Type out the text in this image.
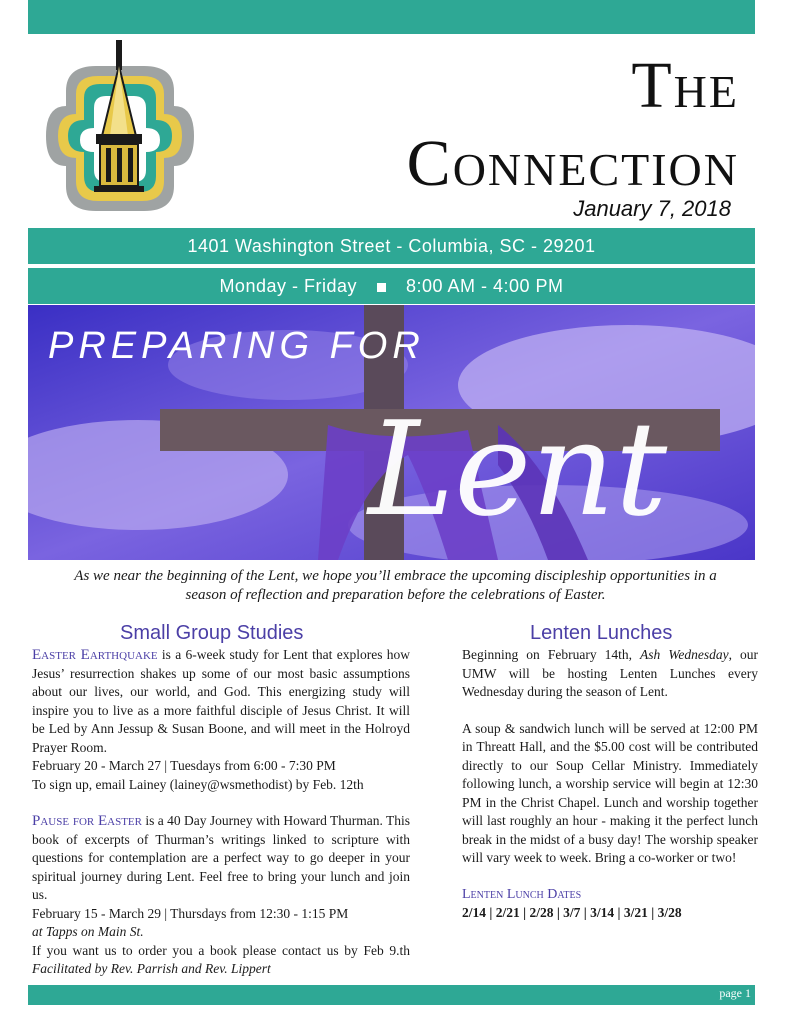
The
Connection
January 7, 2018
1401 Washington Street - Columbia, SC - 29201
Monday - Friday	8:00 AM - 4:00 PM
PREPARING FOR
Lent
As we near the beginning of the Lent, we hope you’ll embrace the upcoming discipleship opportunities in a season of reflection and preparation before the celebrations of Easter.
Small Group Studies	Lenten Lunches
Easter Earthquake is a 6-week study for Lent that explores how Jesus’ resurrection shakes up some of our most basic assumptions about our lives, our world, and God. This energizing study will inspire you to live as a more faithful disciple of Jesus Christ. It will be Led by Ann Jessup & Susan Boone, and will meet in the Holroyd Prayer Room.
February 20 - March 27 | Tuesdays from 6:00 - 7:30 PM
To sign up, email Lainey (lainey@wsmethodist) by Feb. 12th
Pause for Easter is a 40 Day Journey with Howard Thurman. This book of excerpts of Thurman’s writings linked to scripture with questions for contemplation are a perfect way to go deeper in your spiritual journey during Lent. Feel free to bring your lunch and join us.
February 15 - March 29 | Thursdays from 12:30 - 1:15 PM
at Tapps on Main St.
If you want us to order you a book please contact us by Feb 9.th Facilitated by Rev. Parrish and Rev. Lippert
Beginning on February 14th, Ash Wednesday, our UMW will be hosting Lenten Lunches every Wednesday during the season of Lent.
A soup & sandwich lunch will be served at 12:00 PM in Threatt Hall, and the $5.00 cost will be contributed directly to our Soup Cellar Ministry. Immediately following lunch, a worship service will begin at 12:30 PM in the Christ Chapel. Lunch and worship together will last roughly an hour - making it the perfect lunch break in the midst of a busy day! The worship speaker will vary week to week. Bring a co-worker or two!
Lenten Lunch Dates
2/14 | 2/21 | 2/28 | 3/7 | 3/14 | 3/21 | 3/28
page 1
